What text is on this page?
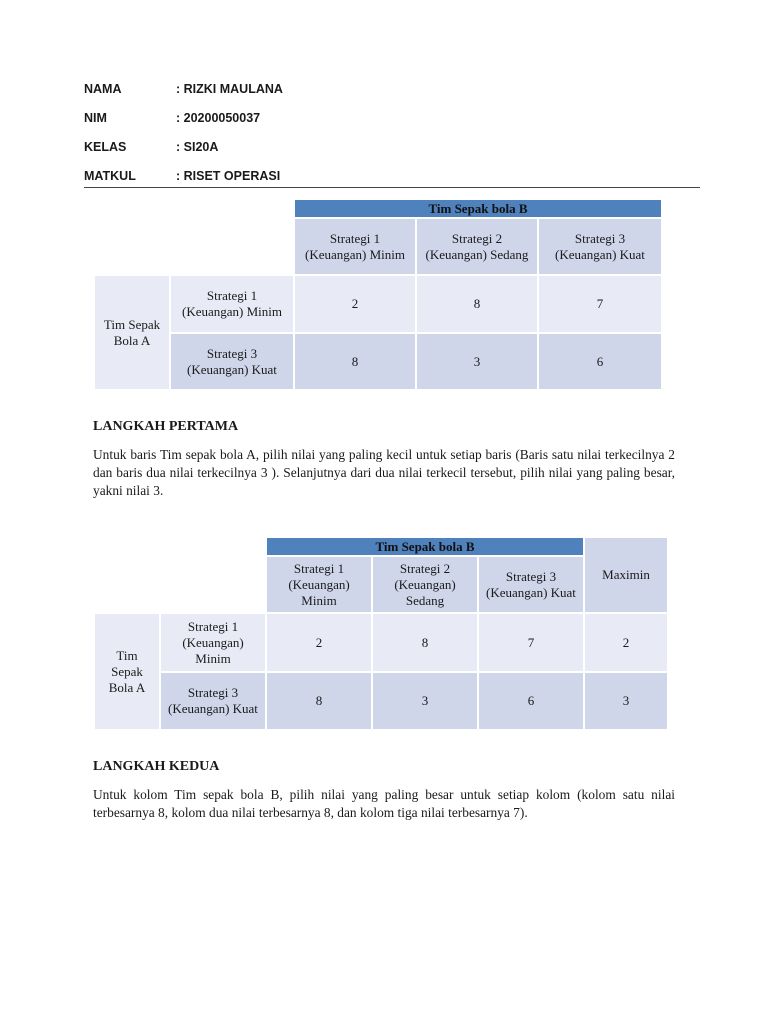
NAMA	: RIZKI MAULANA
NIM	: 20200050037
KELAS	: SI20A
MATKUL	: RISET OPERASI
		Tim Sepak bola B		
		Strategi 1 (Keuangan) Minim	Strategi 2 (Keuangan) Sedang	Strategi 3 (Keuangan) Kuat
Tim Sepak Bola A	Strategi 1 (Keuangan) Minim	2	8	7
	Strategi 3 (Keuangan) Kuat	8	3	6
LANGKAH PERTAMA
Untuk baris Tim sepak bola A, pilih nilai yang paling kecil untuk setiap baris (Baris satu nilai terkecilnya 2 dan baris dua nilai terkecilnya 3 ). Selanjutnya dari dua nilai terkecil tersebut, pilih nilai yang paling besar, yakni nilai 3.
		Tim Sepak bola B			Maximin
		Strategi 1 (Keuangan) Minim	Strategi 2 (Keuangan) Sedang	Strategi 3 (Keuangan) Kuat	
Tim Sepak Bola A	Strategi 1 (Keuangan) Minim	2	8	7	2
	Strategi 3 (Keuangan) Kuat	8	3	6	3
LANGKAH KEDUA
Untuk kolom Tim sepak bola B, pilih nilai yang paling besar untuk setiap kolom (kolom satu nilai terbesarnya 8, kolom dua nilai terbesarnya 8, dan kolom tiga nilai terbesarnya 7).
